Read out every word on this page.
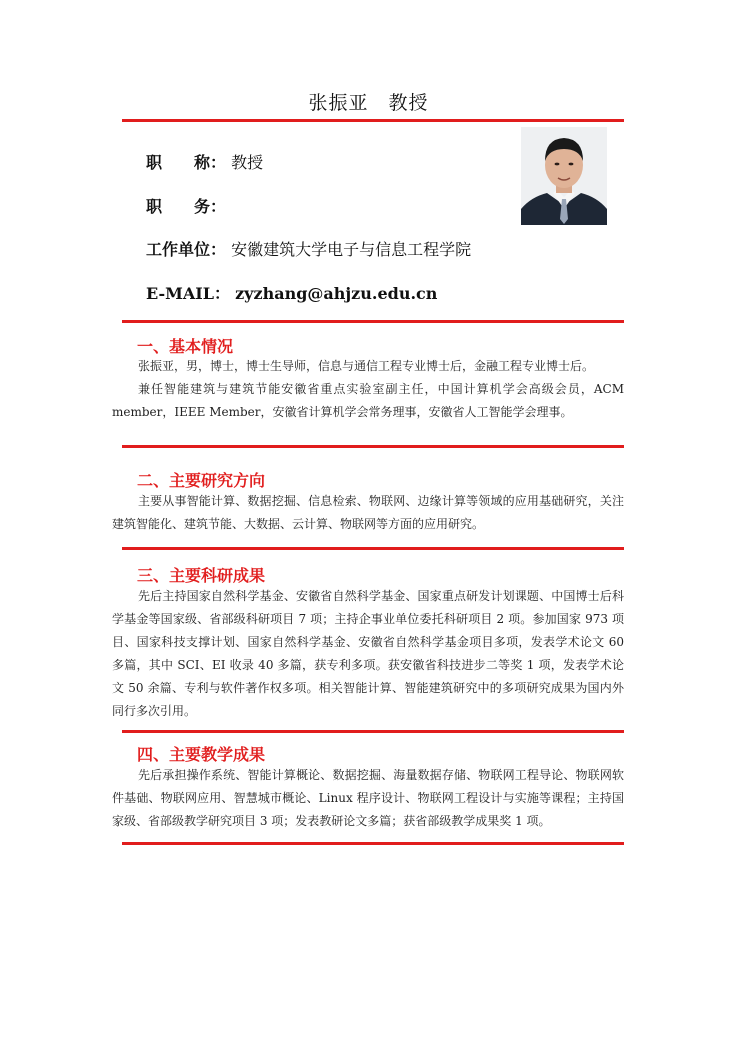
张振亚　教授
职　　称： 教授
职　　务：
工作单位： 安徽建筑大学电子与信息工程学院
E-MAIL： zyzhang@ahjzu.edu.cn
一、基本情况
张振亚，男，博士，博士生导师，信息与通信工程专业博士后，金融工程专业博士后。
兼任智能建筑与建筑节能安徽省重点实验室副主任，中国计算机学会高级会员，ACM member，IEEE Member，安徽省计算机学会常务理事，安徽省人工智能学会理事。
二、主要研究方向
主要从事智能计算、数据挖掘、信息检索、物联网、边缘计算等领域的应用基础研究，关注建筑智能化、建筑节能、大数据、云计算、物联网等方面的应用研究。
三、主要科研成果
先后主持国家自然科学基金、安徽省自然科学基金、国家重点研发计划课题、中国博士后科学基金等国家级、省部级科研项目 7 项；主持企事业单位委托科研项目 2 项。参加国家 973 项目、国家科技支撑计划、国家自然科学基金、安徽省自然科学基金项目多项，发表学术论文 60 多篇，其中 SCI、EI 收录 40 多篇，获专利多项。获安徽省科技进步二等奖 1 项，发表学术论文 50 余篇、专利与软件著作权多项。相关智能计算、智能建筑研究中的多项研究成果为国内外同行多次引用。
四、主要教学成果
先后承担操作系统、智能计算概论、数据挖掘、海量数据存储、物联网工程导论、物联网软件基础、物联网应用、智慧城市概论、Linux 程序设计、物联网工程设计与实施等课程；主持国家级、省部级教学研究项目 3 项；发表教研论文多篇；获省部级教学成果奖 1 项。
